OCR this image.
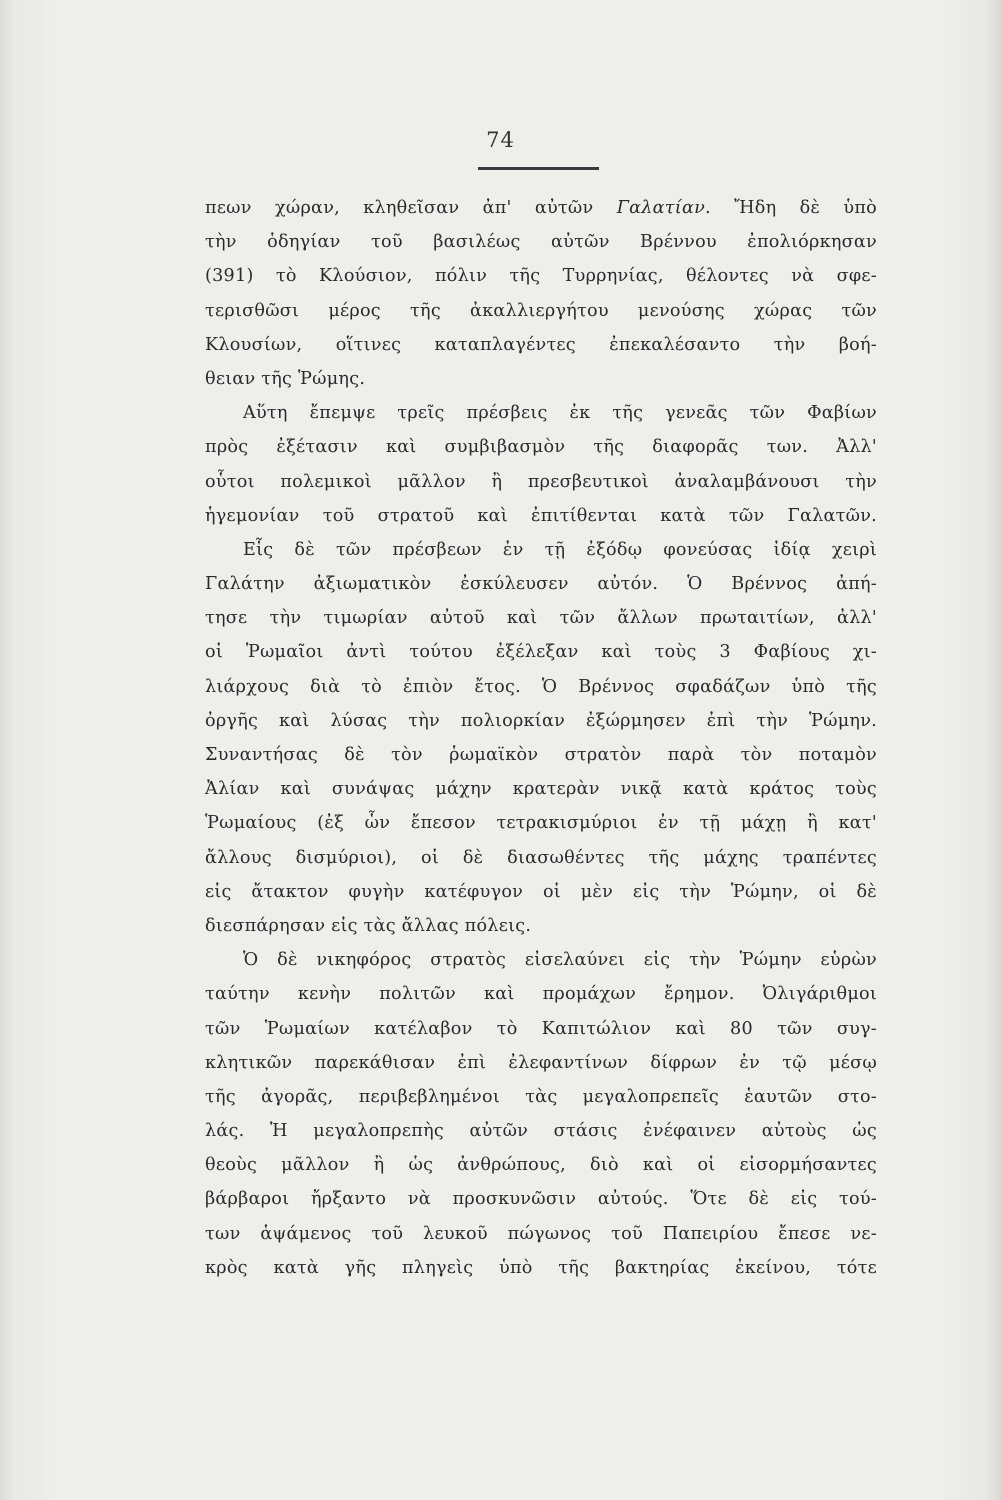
74
πεων χώραν, κληθεῖσαν ἀπ' αὐτῶν Γαλατίαν. Ἤδη δὲ ὑπὸ
τὴν ὁδηγίαν τοῦ βασιλέως αὐτῶν Βρέννου ἐπολιόρκησαν
(391) τὸ Κλούσιον, πόλιν τῆς Τυρρηνίας, θέλοντες νὰ σφε-
τερισθῶσι μέρος τῆς ἀκαλλιεργήτου μενούσης χώρας τῶν
Κλουσίων, οἵτινες καταπλαγέντες ἐπεκαλέσαντο τὴν βοή-
θειαν τῆς Ῥώμης.
Αὕτη ἔπεμψε τρεῖς πρέσβεις ἐκ τῆς γενεᾶς τῶν Φαβίων
πρὸς ἐξέτασιν καὶ συμβιβασμὸν τῆς διαφορᾶς των. Ἀλλ'
οὗτοι πολεμικοὶ μᾶλλον ἢ πρεσβευτικοὶ ἀναλαμβάνουσι τὴν
ἡγεμονίαν τοῦ στρατοῦ καὶ ἐπιτίθενται κατὰ τῶν Γαλατῶν.
Εἷς δὲ τῶν πρέσβεων ἐν τῇ ἐξόδῳ φονεύσας ἰδίᾳ χειρὶ
Γαλάτην ἀξιωματικὸν ἐσκύλευσεν αὐτόν. Ὁ Βρέννος ἀπή-
τησε τὴν τιμωρίαν αὐτοῦ καὶ τῶν ἄλλων πρωταιτίων, ἀλλ'
οἱ Ῥωμαῖοι ἀντὶ τούτου ἐξέλεξαν καὶ τοὺς 3 Φαβίους χι-
λιάρχους διὰ τὸ ἐπιὸν ἔτος. Ὁ Βρέννος σφαδάζων ὑπὸ τῆς
ὀργῆς καὶ λύσας τὴν πολιορκίαν ἐξώρμησεν ἐπὶ τὴν Ῥώμην.
Συναντήσας δὲ τὸν ῥωμαϊκὸν στρατὸν παρὰ τὸν ποταμὸν
Ἀλίαν καὶ συνάψας μάχην κρατερὰν νικᾷ κατὰ κράτος τοὺς
Ῥωμαίους (ἐξ ὧν ἔπεσον τετρακισμύριοι ἐν τῇ μάχῃ ἢ κατ'
ἄλλους δισμύριοι), οἱ δὲ διασωθέντες τῆς μάχης τραπέντες
εἰς ἄτακτον φυγὴν κατέφυγον οἱ μὲν εἰς τὴν Ῥώμην, οἱ δὲ
διεσπάρησαν εἰς τὰς ἄλλας πόλεις.
Ὁ δὲ νικηφόρος στρατὸς εἰσελαύνει εἰς τὴν Ῥώμην εὑρὼν
ταύτην κενὴν πολιτῶν καὶ προμάχων ἔρημον. Ὀλιγάριθμοι
τῶν Ῥωμαίων κατέλαβον τὸ Καπιτώλιον καὶ 80 τῶν συγ-
κλητικῶν παρεκάθισαν ἐπὶ ἐλεφαντίνων δίφρων ἐν τῷ μέσῳ
τῆς ἀγορᾶς, περιβεβλημένοι τὰς μεγαλοπρεπεῖς ἑαυτῶν στο-
λάς. Ἡ μεγαλοπρεπὴς αὐτῶν στάσις ἐνέφαινεν αὐτοὺς ὡς
θεοὺς μᾶλλον ἢ ὡς ἀνθρώπους, διὸ καὶ οἱ εἰσορμήσαντες
βάρβαροι ἤρξαντο νὰ προσκυνῶσιν αὐτούς. Ὅτε δὲ εἰς τού-
των ἁψάμενος τοῦ λευκοῦ πώγωνος τοῦ Παπειρίου ἔπεσε νε-
κρὸς κατὰ γῆς πληγεὶς ὑπὸ τῆς βακτηρίας ἐκείνου, τότε
